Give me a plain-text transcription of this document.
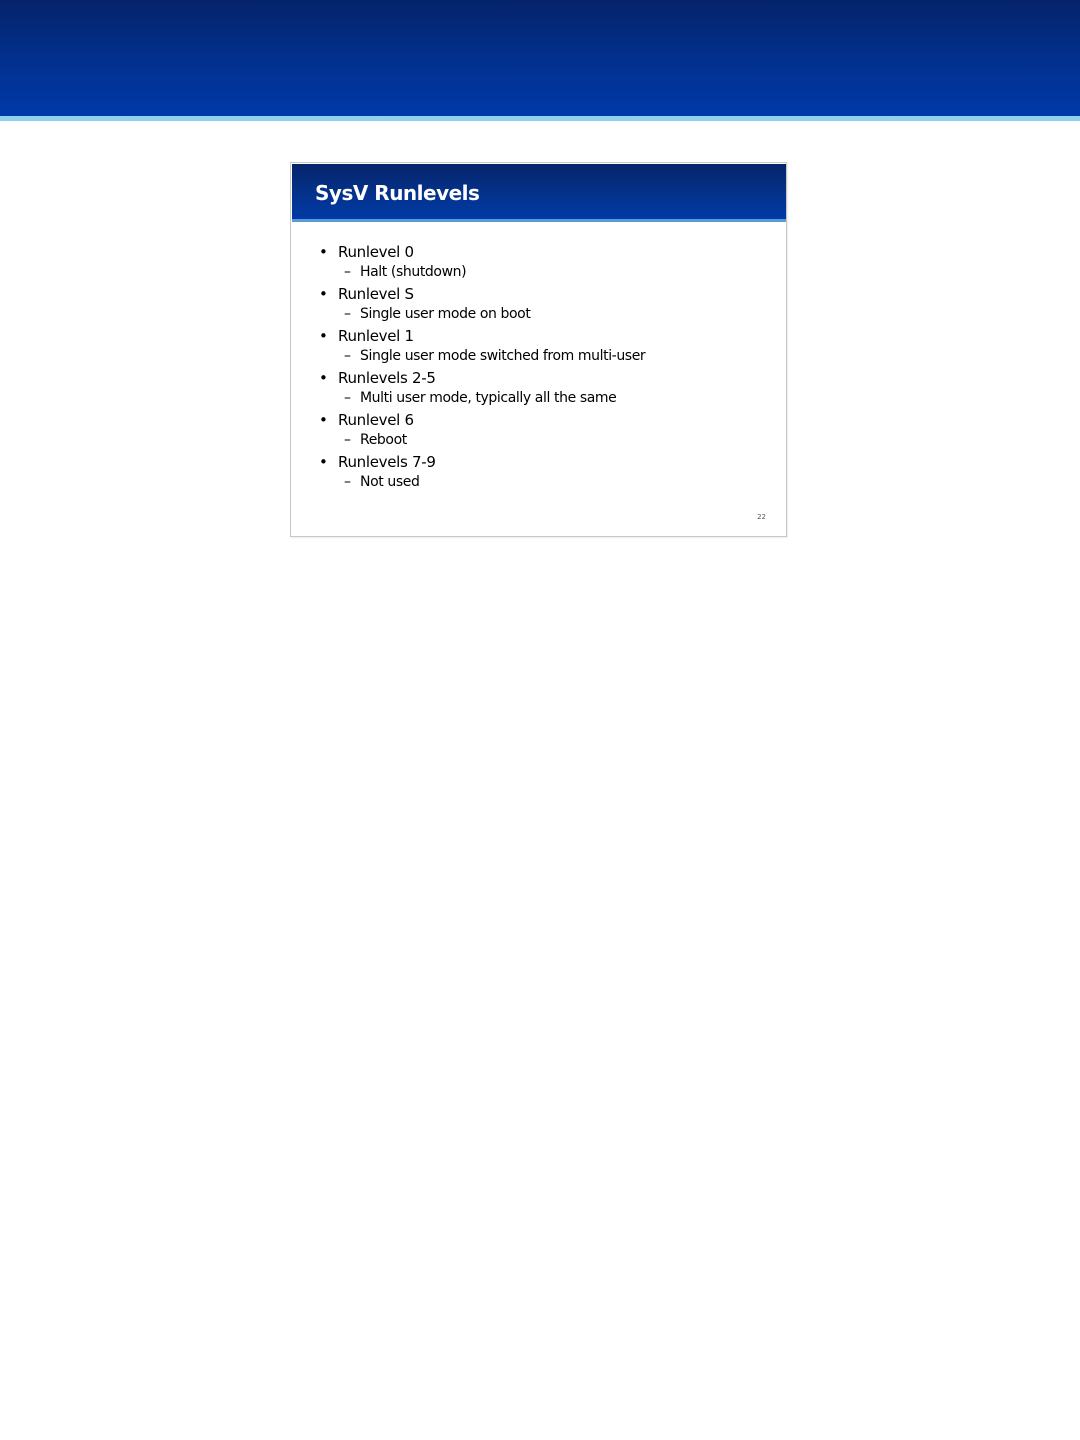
SysV Runlevels
• Runlevel 0
– Halt (shutdown)
• Runlevel S
– Single user mode on boot
• Runlevel 1
– Single user mode switched from multi-user
• Runlevels 2-5
– Multi user mode, typically all the same
• Runlevel 6
– Reboot
• Runlevels 7-9
– Not used
22
